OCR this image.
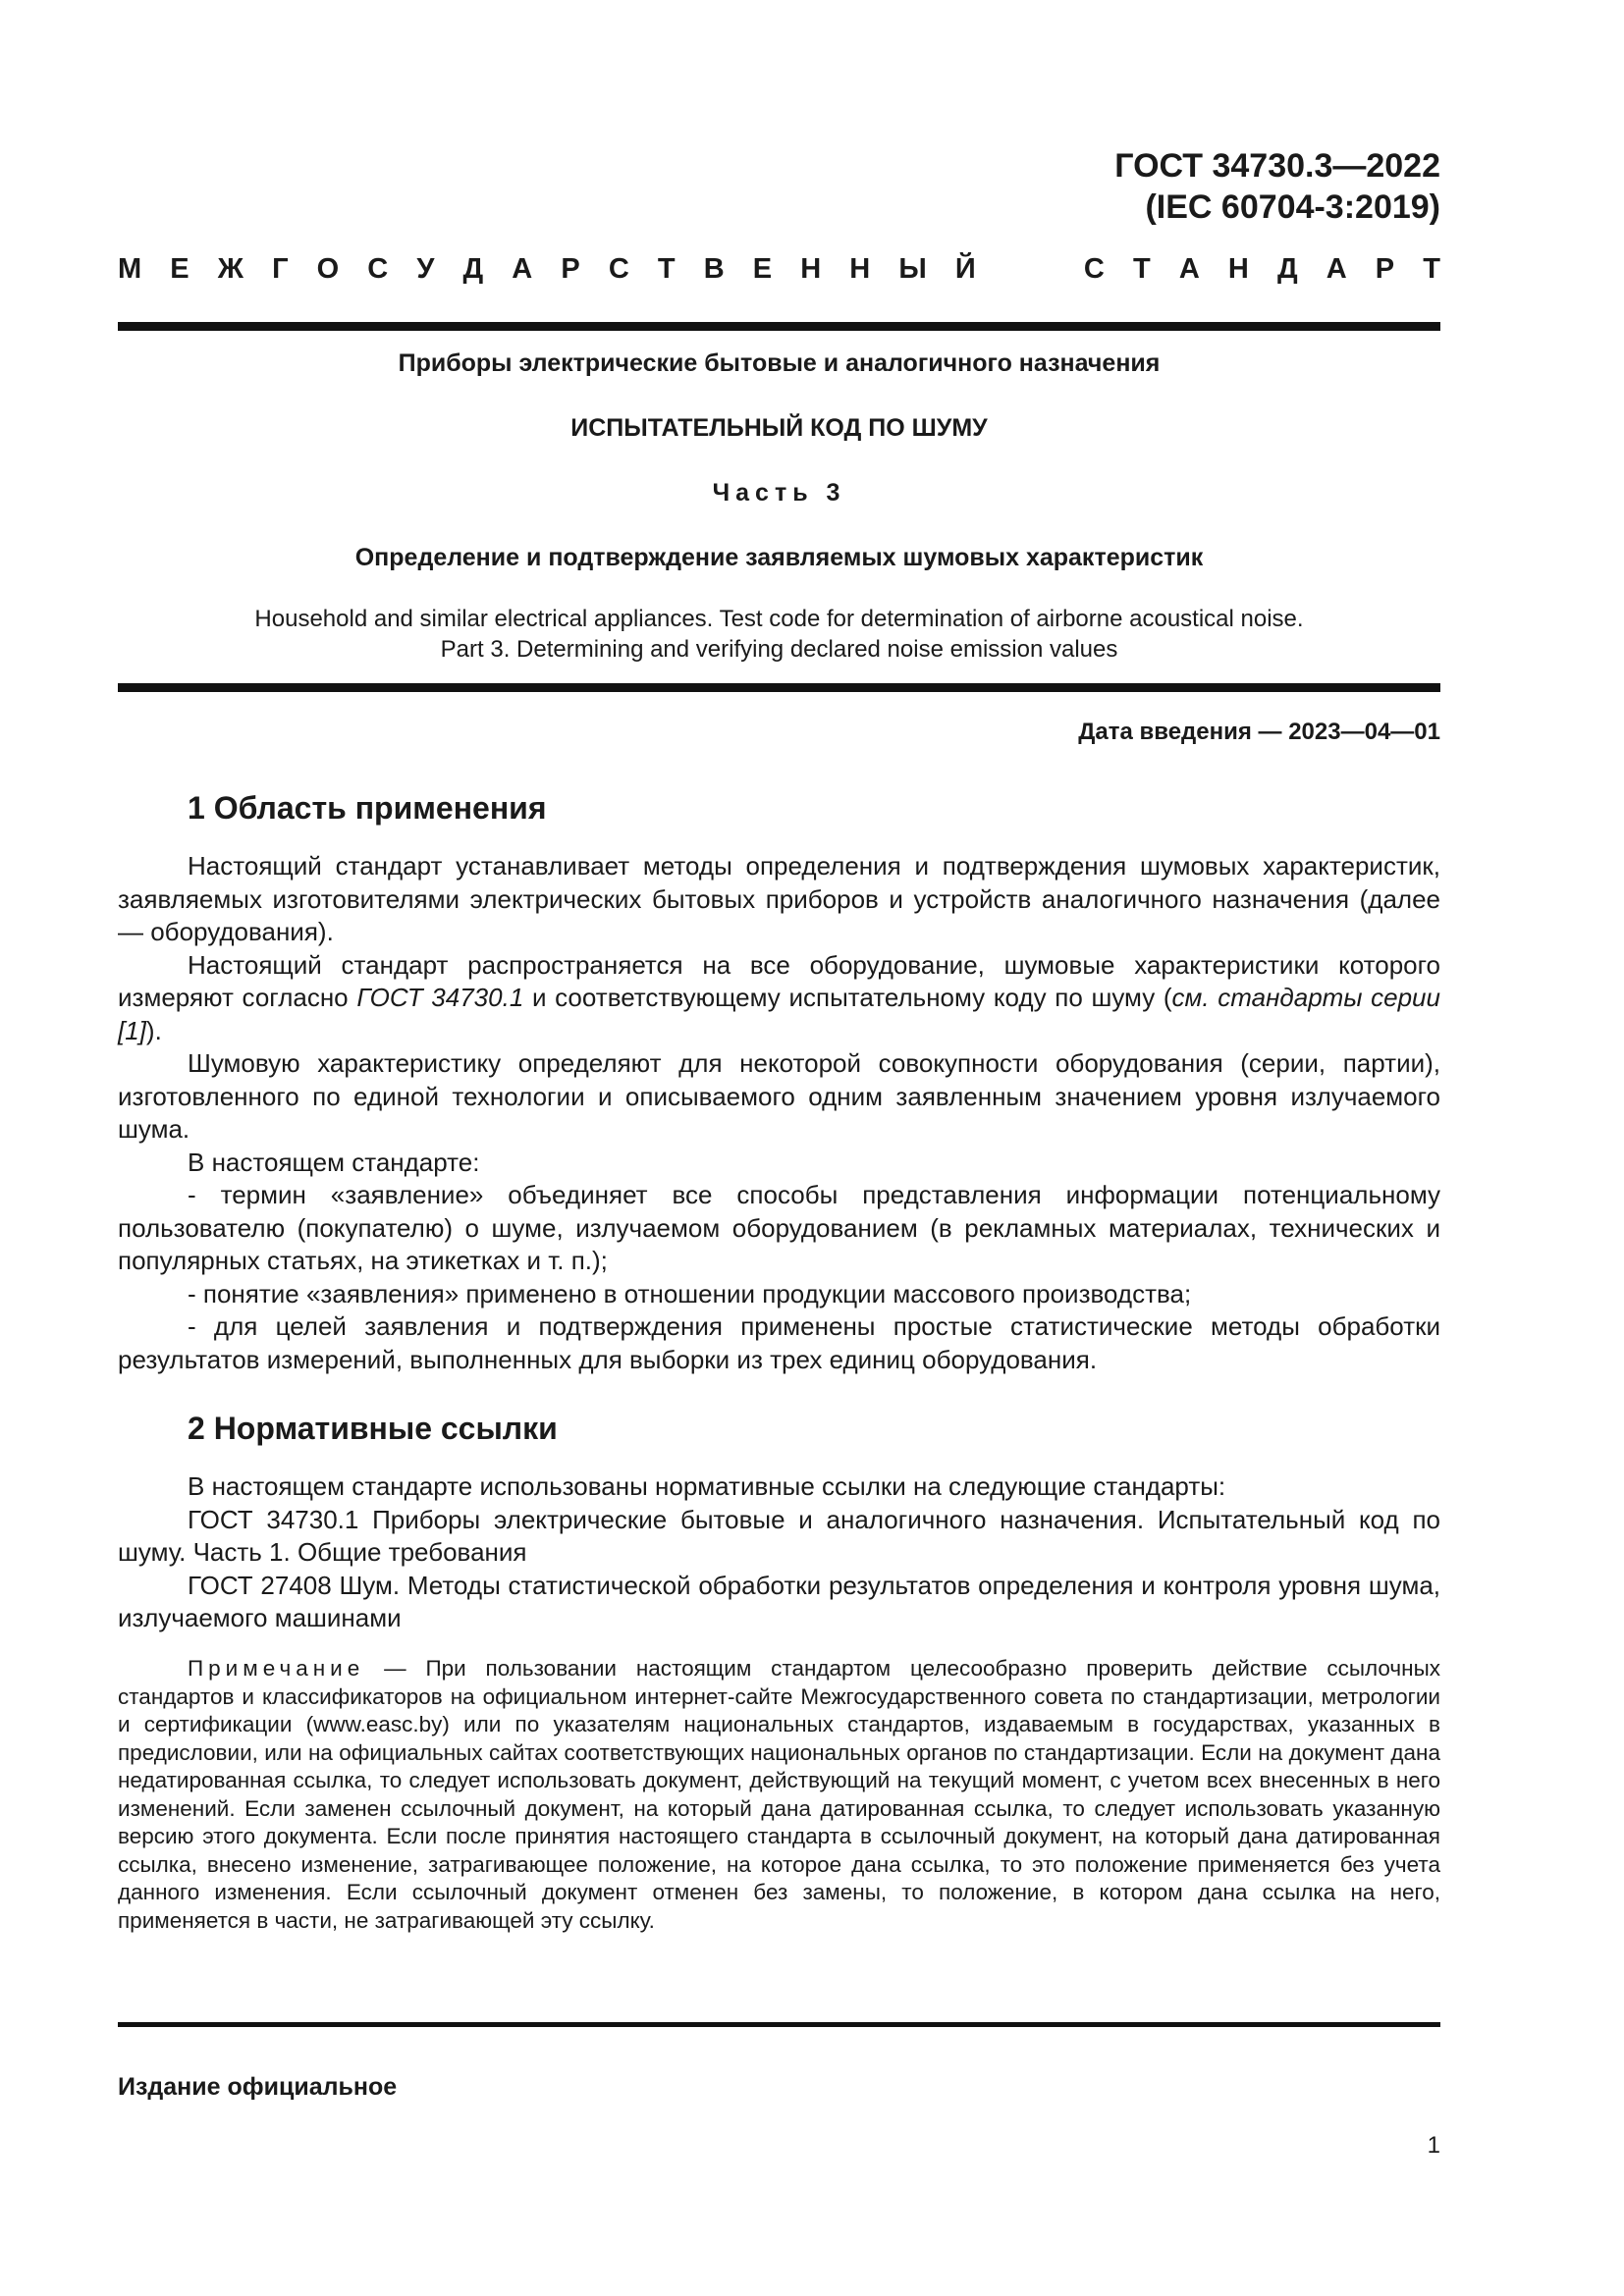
ГОСТ 34730.3—2022
(IEC 60704-3:2019)
М Е Ж Г О С У Д А Р С Т В Е Н Н Ы Й	С Т А Н Д А Р Т
Приборы электрические бытовые и аналогичного назначения
ИСПЫТАТЕЛЬНЫЙ КОД ПО ШУМУ
Часть 3
Определение и подтверждение заявляемых шумовых характеристик
Household and similar electrical appliances. Test code for determination of airborne acoustical noise.
Part 3. Determining and verifying declared noise emission values
Дата введения — 2023—04—01
1 Область применения

Настоящий стандарт устанавливает методы определения и подтверждения шумовых характеристик, заявляемых изготовителями электрических бытовых приборов и устройств аналогичного назначения (далее — оборудования).

Настоящий стандарт распространяется на все оборудование, шумовые характеристики которого измеряют согласно ГОСТ 34730.1 и соответствующему испытательному коду по шуму (см. стандарты серии [1]).

Шумовую характеристику определяют для некоторой совокупности оборудования (серии, партии), изготовленного по единой технологии и описываемого одним заявленным значением уровня излучаемого шума.

В настоящем стандарте:

- термин «заявление» объединяет все способы представления информации потенциальному пользователю (покупателю) о шуме, излучаемом оборудованием (в рекламных материалах, технических и популярных статьях, на этикетках и т. п.);

- понятие «заявления» применено в отношении продукции массового производства;

- для целей заявления и подтверждения применены простые статистические методы обработки результатов измерений, выполненных для выборки из трех единиц оборудования.

2 Нормативные ссылки

В настоящем стандарте использованы нормативные ссылки на следующие стандарты:

ГОСТ 34730.1 Приборы электрические бытовые и аналогичного назначения. Испытательный код по шуму. Часть 1. Общие требования

ГОСТ 27408 Шум. Методы статистической обработки результатов определения и контроля уровня шума, излучаемого машинами

Примечание — При пользовании настоящим стандартом целесообразно проверить действие ссылочных стандартов и классификаторов на официальном интернет-сайте Межгосударственного совета по стандартизации, метрологии и сертификации (www.easc.by) или по указателям национальных стандартов, издаваемым в государствах, указанных в предисловии, или на официальных сайтах соответствующих национальных органов по стандартизации. Если на документ дана недатированная ссылка, то следует использовать документ, действующий на текущий момент, с учетом всех внесенных в него изменений. Если заменен ссылочный документ, на который дана датированная ссылка, то следует использовать указанную версию этого документа. Если после принятия настоящего стандарта в ссылочный документ, на который дана датированная ссылка, внесено изменение, затрагивающее положение, на которое дана ссылка, то это положение применяется без учета данного изменения. Если ссылочный документ отменен без замены, то положение, в котором дана ссылка на него, применяется в части, не затрагивающей эту ссылку.

Издание официальное
1
